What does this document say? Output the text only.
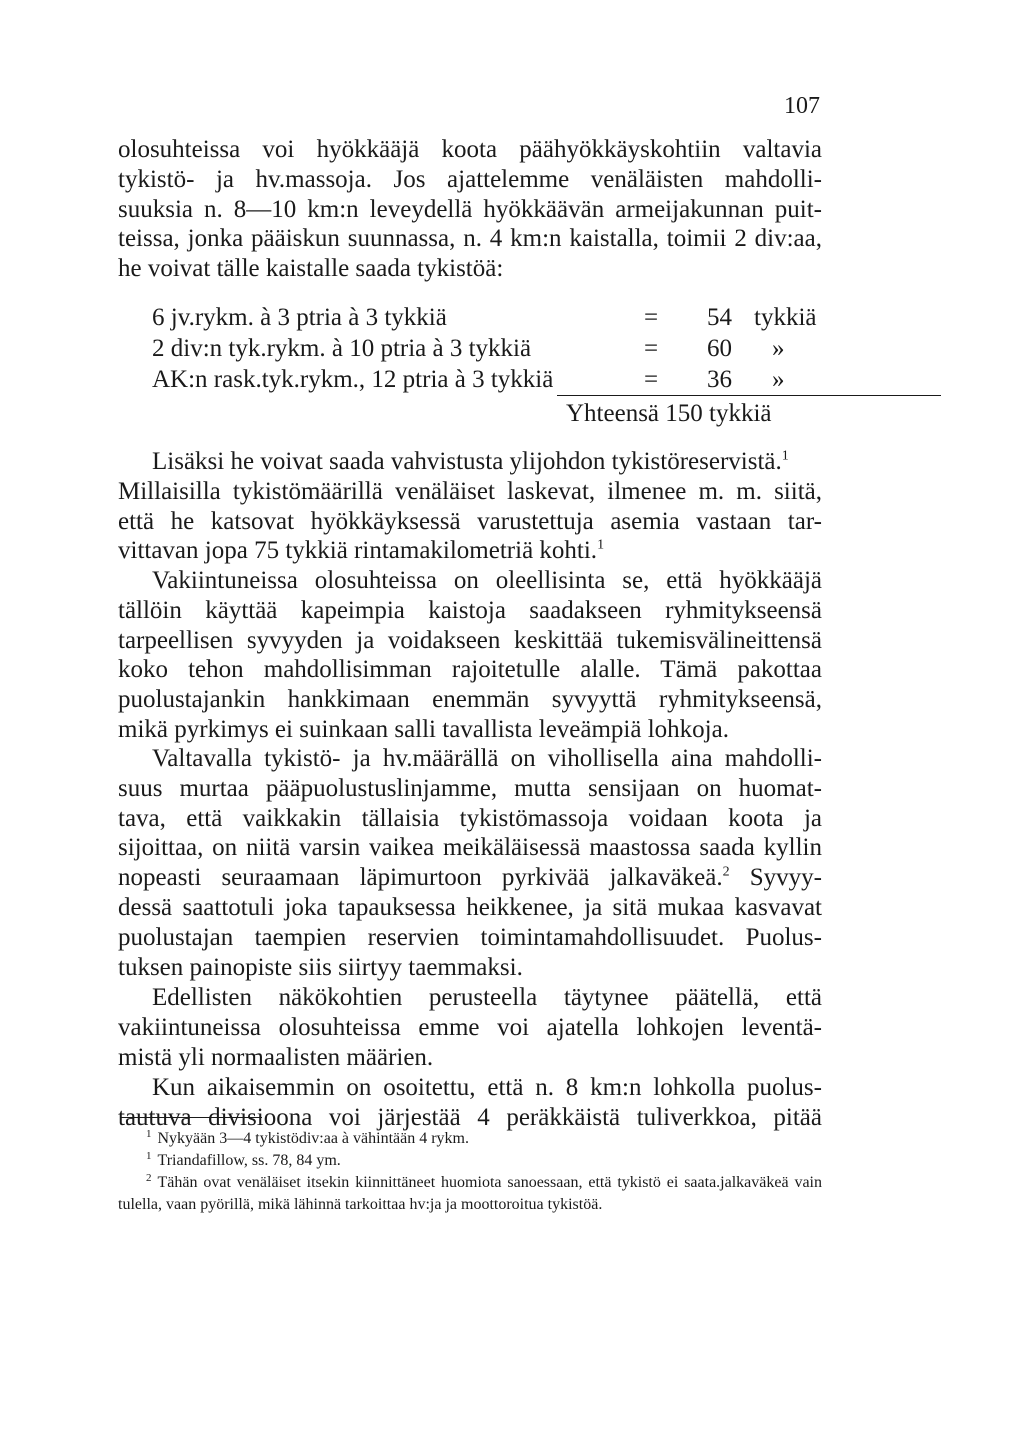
107

olosuhteissa voi hyökkääjä koota päähyökkäyskohtiin valtavia
tykistö- ja hv.massoja. Jos ajattelemme venäläisten mahdolli-
suuksia n. 8—10 km:n leveydellä hyökkäävän armeijakunnan puit-
teissa, jonka pääiskun suunnassa, n. 4 km:n kaistalla, toimii 2 div:aa,
he voivat tälle kaistalle saada tykistöä:

6 jv.rykm. à 3 ptria à 3 tykkiä	= 54 tykkiä
2 div:n tyk.rykm. à 10 ptria à 3 tykkiä	= 60 »
AK:n rask.tyk.rykm., 12 ptria à 3 tykkiä	= 36 »
Yhteensä 150 tykkiä

Lisäksi he voivat saada vahvistusta ylijohdon tykistöreservistä.$^1$
Millaisilla tykistömäärillä venäläiset laskevat, ilmenee m. m. siitä,
että he katsovat hyökkäyksessä varustettuja asemia vastaan tar-
vittavan jopa 75 tykkiä rintamakilometriä kohti.$^1$

Vakiintuneissa olosuhteissa on oleellisinta se, että hyökkääjä
tällöin käyttää kapeimpia kaistoja saadakseen ryhmitykseensä
tarpeellisen syvyyden ja voidakseen keskittää tukemisvälineittensä
koko tehon mahdollisimman rajoitetulle alalle. Tämä pakottaa
puolustajankin hankkimaan enemmän syvyyttä ryhmitykseensä,
mikä pyrkimys ei suinkaan salli tavallista leveämpiä lohkoja.

Valtavalla tykistö- ja hv.määrällä on vihollisella aina mahdolli-
suus murtaa pääpuolustuslinjamme, mutta sensijaan on huomat-
tava, että vaikkakin tällaisia tykistömassoja voidaan koota ja
sijoittaa, on niitä varsin vaikea meikäläisessä maastossa saada kyllin
nopeasti seuraamaan läpimurtoon pyrkivää jalkaväkeä.$^2$ Syvyy-
dessä saattotuli joka tapauksessa heikkenee, ja sitä mukaa kasvavat
puolustajan taempien reservien toimintamahdollisuudet. Puolus-
tuksen painopiste siis siirtyy taemmaksi.

Edellisten näkökohtien perusteella täytynee päätellä, että
vakiintuneissa olosuhteissa emme voi ajatella lohkojen leventä-
mistä yli normaalisten määrien.

Kun aikaisemmin on osoitettu, että n. 8 km:n lohkolla puolus-
tautuva divisioona voi järjestää 4 peräkkäistä tuliverkkoa, pitää

$^1$ Nykyään 3—4 tykistödiv:aa à vähintään 4 rykm.

$^1$ Triandafillow, ss. 78, 84 ym.

$^2$ Tähän ovat venäläiset itsekin kiinnittäneet huomiota sanoessaan, että tykistö ei saata.jalkaväkeä vain tulella, vaan pyörillä, mikä lähinnä tarkoittaa hv:ja ja moottoroitua tykistöä.
